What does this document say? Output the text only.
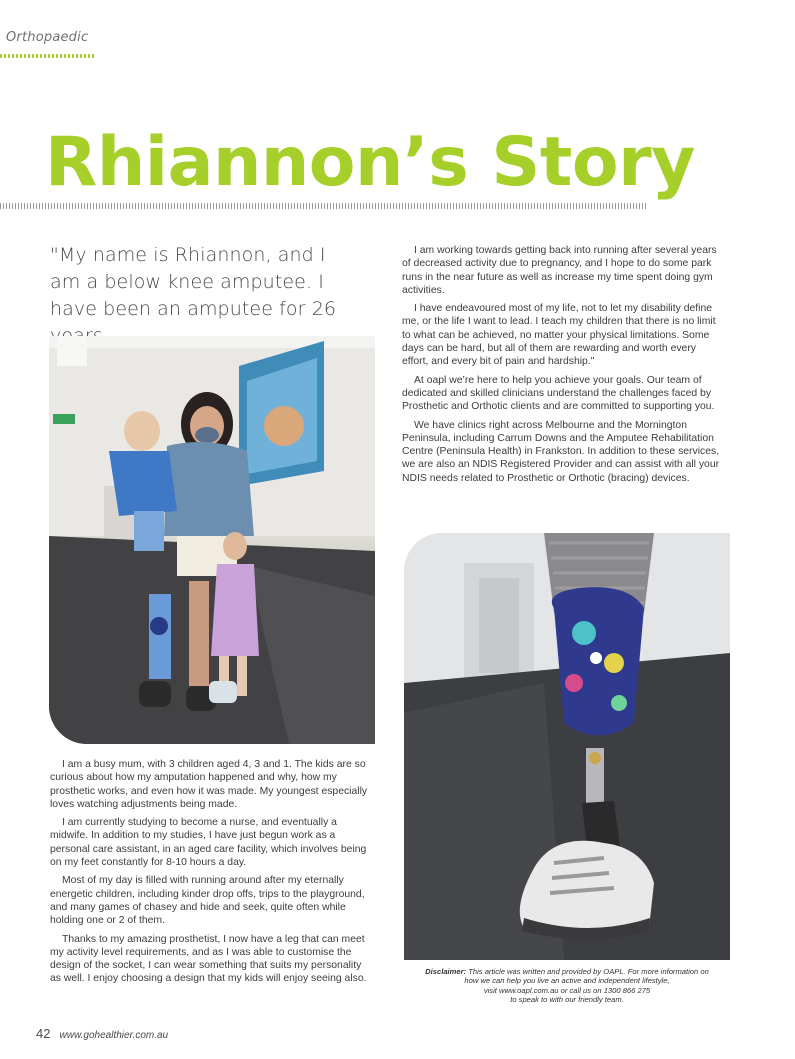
Orthopaedic
Rhiannon’s Story
"My name is Rhiannon, and I am a below knee amputee. I have been an amputee for 26

I am a busy mum, with 3 children aged 4, 3 and 1. The kids are so curious about how my amputation happened and why, how my prosthetic works, and even how it was made. My youngest especially loves watching adjustments being made.

I am currently studying to become a nurse, and eventually a midwife. In addition to my studies, I have just begun work as a personal care assistant, in an aged care facility, which involves being on my feet constantly for 8-10 hours a day.

Most of my day is filled with running around after my eternally energetic children, including kinder drop offs, trips to the playground, and many games of chasey and hide and seek, quite often while holding one or 2 of them.

Thanks to my amazing prosthetist, I now have a leg that can meet my activity level requirements, and as I was able to customise the design of the socket, I can wear something that suits my personality as well. I enjoy choosing a design that my kids will enjoy seeing also.

I am working towards getting back into running after several years of decreased activity due to pregnancy, and I hope to do some park runs in the near future as well as increase my time spent doing gym activities.

I have endeavoured most of my life, not to let my disability define me, or the life I want to lead. I teach my children that there is no limit to what can be achieved, no matter your physical limitations. Some days can be hard, but all of them are rewarding and worth every effort, and every bit of pain and hardship."

At oapl we’re here to help you achieve your goals. Our team of dedicated and skilled clinicians understand the challenges faced by Prosthetic and Orthotic clients and are committed to supporting you.

We have clinics right across Melbourne and the Mornington Peninsula, including Carrum Downs and the Amputee Rehabilitation Centre (Peninsula Health) in Frankston. In addition to these services, we are also an NDIS Registered Provider and can assist with all your NDIS needs related to Prosthetic or Orthotic (bracing) devices.

Disclaimer: This article was written and provided by OAPL. For more information on
how we can help you live an active and independent lifestyle,
visit www.oapl.com.au or call us on 1300 866 275
to speak to with our friendly team.
42 www.gohealthier.com.au
